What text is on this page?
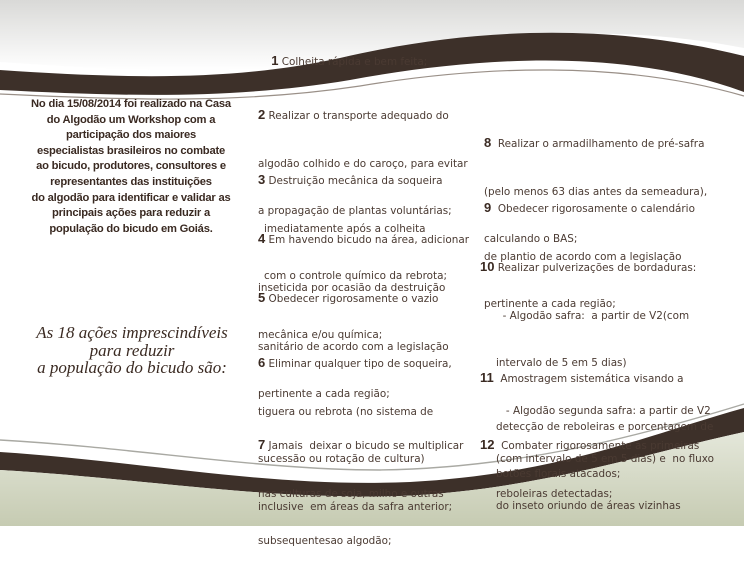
No dia 15/08/2014 foi realizado na Casa
do Algodão um Workshop com a
participação dos maiores
especialistas brasileiros no combate
ao bicudo, produtores, consultores e
representantes das instituições
do algodão para identificar e validar as
principais ações para reduzir a
população do bicudo em Goiás.
As 18 ações imprescindíveis
para reduzir
a população do bicudo são:

1 Colheita rápida e bem feita;

2 Realizar o transporte adequado do

algodão colhido e do caroço, para evitar

a propagação de plantas voluntárias;

3 Destruição mecânica da soqueira

imediatamente após a colheita

com o controle químico da rebrota;

4 Em havendo bicudo na área, adicionar

inseticida por ocasião da destruição

mecânica e/ou química;

5 Obedecer rigorosamente o vazio

sanitário de acordo com a legislação

pertinente a cada região;

6 Eliminar qualquer tipo de soqueira,

tiguera ou rebrota (no sistema de

sucessão ou rotação de cultura)

inclusive  em áreas da safra anterior;

7 Jamais  deixar o bicudo se multiplicar

nas culturas de soja, milho e outras

subsequentesao algodão;

8 Realizar o armadilhamento de pré-safra

(pelo menos 63 dias antes da semeadura),

calculando o BAS;

9 Obedecer rigorosamente o calendário

de plantio de acordo com a legislação

pertinente a cada região;

10 Realizar pulverizações de bordaduras:

- Algodão safra:  a partir de V2(com

intervalo de 5 em 5 dias)

- Algodão segunda safra: a partir de V2

(com intervalo de 5 em 5 dias) e  no fluxo

do inseto oriundo de áreas vizinhas

11 Amostragem sistemática visando a

detecção de reboleiras e porcentagem de

botões florais atacados;

12 Combater rigorosamente as primeiras

reboleiras detectadas;
